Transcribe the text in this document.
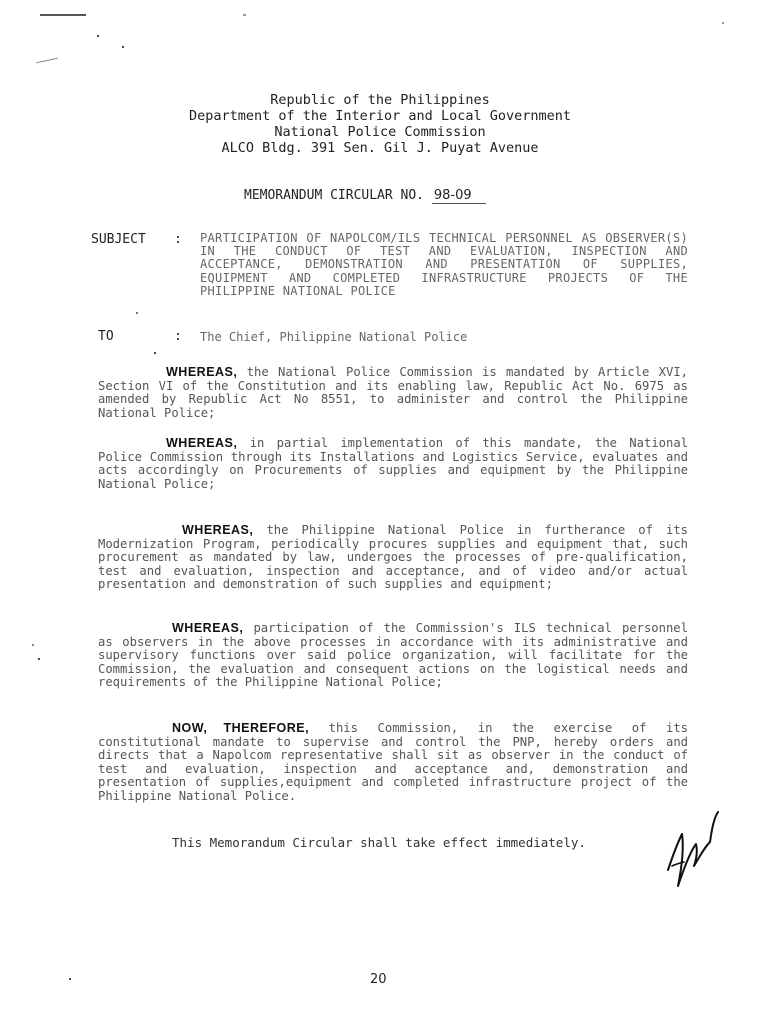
Republic of the Philippines
Department of the Interior and Local Government
National Police Commission
ALCO Bldg. 391 Sen. Gil J. Puyat Avenue
MEMORANDUM CIRCULAR NO. 98-09
SUBJECT : PARTICIPATION OF NAPOLCOM/ILS TECHNICAL PERSONNEL AS OBSERVER(S) IN THE CONDUCT OF TEST AND EVALUATION, INSPECTION AND ACCEPTANCE, DEMONSTRATION AND PRESENTATION OF SUPPLIES, EQUIPMENT AND COMPLETED INFRASTRUCTURE PROJECTS OF THE PHILIPPINE NATIONAL POLICE
TO	: The Chief, Philippine National Police
WHEREAS, the National Police Commission is mandated by Article XVI, Section VI of the Constitution and its enabling law, Republic Act No. 6975 as amended by Republic Act No 8551, to administer and control the Philippine National Police;
WHEREAS, in partial implementation of this mandate, the National Police Commission through its Installations and Logistics Service, evaluates and acts accordingly on Procurements of supplies and equipment by the Philippine National Police;
WHEREAS, the Philippine National Police in furtherance of its Modernization Program, periodically procures supplies and equipment that, such procurement as mandated by law, undergoes the processes of pre-qualification, test and evaluation, inspection and acceptance, and of video and/or actual presentation and demonstration of such supplies and equipment;
WHEREAS, participation of the Commission's ILS technical personnel as observers in the above processes in accordance with its administrative and supervisory functions over said police organization, will facilitate for the Commission, the evaluation and consequent actions on the logistical needs and requirements of the Philippine National Police;
NOW, THEREFORE, this Commission, in the exercise of its constitutional mandate to supervise and control the PNP, hereby orders and directs that a Napolcom representative shall sit as observer in the conduct of test and evaluation, inspection and acceptance and, demonstration and presentation of supplies,equipment and completed infrastructure project of the Philippine National Police.
This Memorandum Circular shall take effect immediately.
20
